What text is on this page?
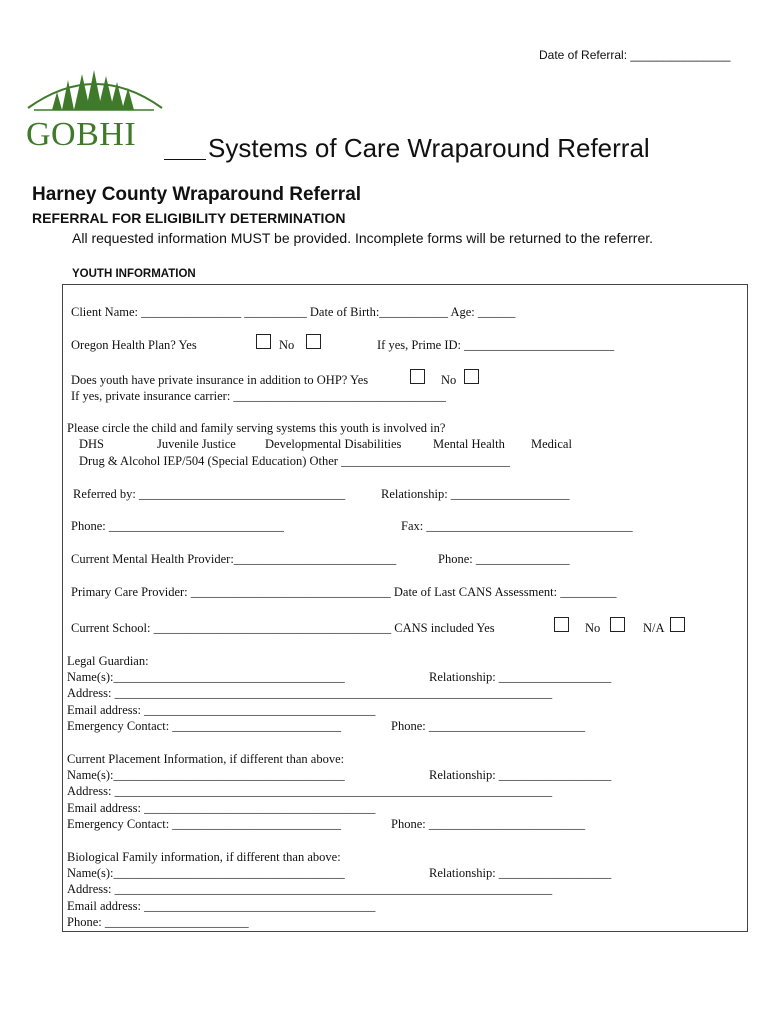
Date of Referral: _______________
GOBHI	Systems of Care Wraparound Referral
Harney County Wraparound Referral
REFERRAL FOR ELIGIBILITY DETERMINATION
All requested information MUST be provided. Incomplete forms will be returned to the referrer.
YOUTH INFORMATION
Client Name: ________________ __________ Date of Birth:___________ Age: ______
Oregon Health Plan? Yes	No	If yes, Prime ID: ________________________
Does youth have private insurance in addition to OHP? Yes	No
If yes, private insurance carrier: __________________________________
Please circle the child and family serving systems this youth is involved in?
DHS	Juvenile Justice Developmental Disabilities	Mental Health Medical
Drug & Alcohol IEP/504 (Special Education) Other ___________________________
Referred by: _________________________________	Relationship: ___________________
Phone: ____________________________	Fax: _________________________________
Current Mental Health Provider:__________________________	Phone: _______________
Primary Care Provider: ________________________________ Date of Last CANS Assessment: _________
Current School: ______________________________________ CANS included Yes	No	N/A
Legal Guardian:
Name(s):_____________________________________	Relationship: __________________
Address: ______________________________________________________________________
Email address: _____________________________________
Emergency Contact: ___________________________	Phone: _________________________
Current Placement Information, if different than above:
Name(s):_____________________________________	Relationship: __________________
Address: ______________________________________________________________________
Email address: _____________________________________
Emergency Contact: ___________________________	Phone: _________________________
Biological Family information, if different than above:
Name(s):_____________________________________	Relationship: __________________
Address: ______________________________________________________________________
Email address: _____________________________________
Phone: _______________________
